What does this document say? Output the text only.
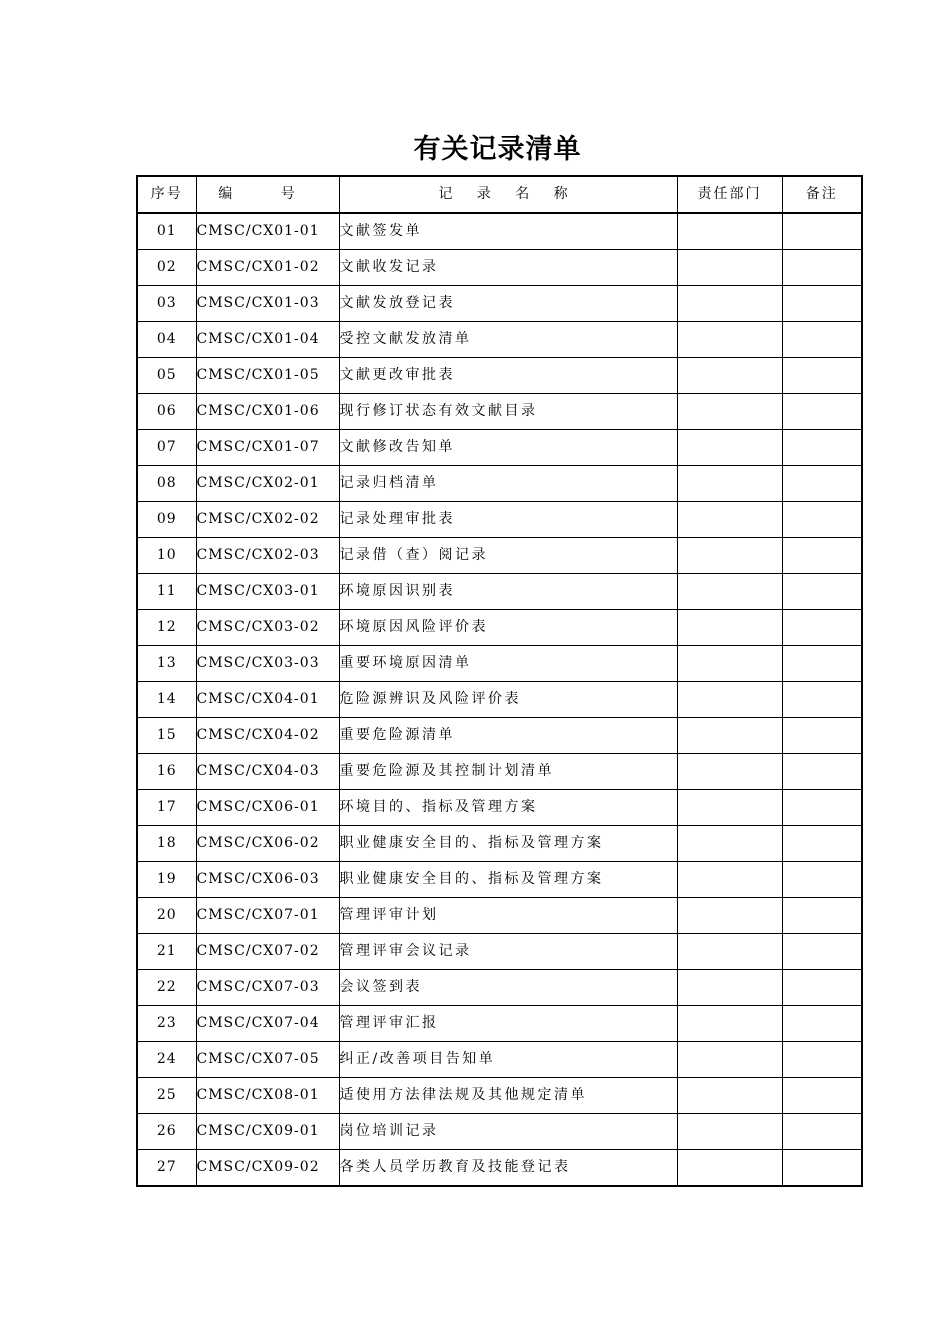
有关记录清单
序号	编 号	记 录 名 称	责任部门	备注
01	CMSC/CX01-01	文献签发单		
02	CMSC/CX01-02	文献收发记录		
03	CMSC/CX01-03	文献发放登记表		
04	CMSC/CX01-04	受控文献发放清单		
05	CMSC/CX01-05	文献更改审批表		
06	CMSC/CX01-06	现行修订状态有效文献目录		
07	CMSC/CX01-07	文献修改告知单		
08	CMSC/CX02-01	记录归档清单		
09	CMSC/CX02-02	记录处理审批表		
10	CMSC/CX02-03	记录借（查）阅记录		
11	CMSC/CX03-01	环境原因识别表		
12	CMSC/CX03-02	环境原因风险评价表		
13	CMSC/CX03-03	重要环境原因清单		
14	CMSC/CX04-01	危险源辨识及风险评价表		
15	CMSC/CX04-02	重要危险源清单		
16	CMSC/CX04-03	重要危险源及其控制计划清单		
17	CMSC/CX06-01	环境目的、指标及管理方案		
18	CMSC/CX06-02	职业健康安全目的、指标及管理方案		
19	CMSC/CX06-03	职业健康安全目的、指标及管理方案		
20	CMSC/CX07-01	管理评审计划		
21	CMSC/CX07-02	管理评审会议记录		
22	CMSC/CX07-03	会议签到表		
23	CMSC/CX07-04	管理评审汇报		
24	CMSC/CX07-05	纠正/改善项目告知单		
25	CMSC/CX08-01	适使用方法律法规及其他规定清单		
26	CMSC/CX09-01	岗位培训记录		
27	CMSC/CX09-02	各类人员学历教育及技能登记表		
